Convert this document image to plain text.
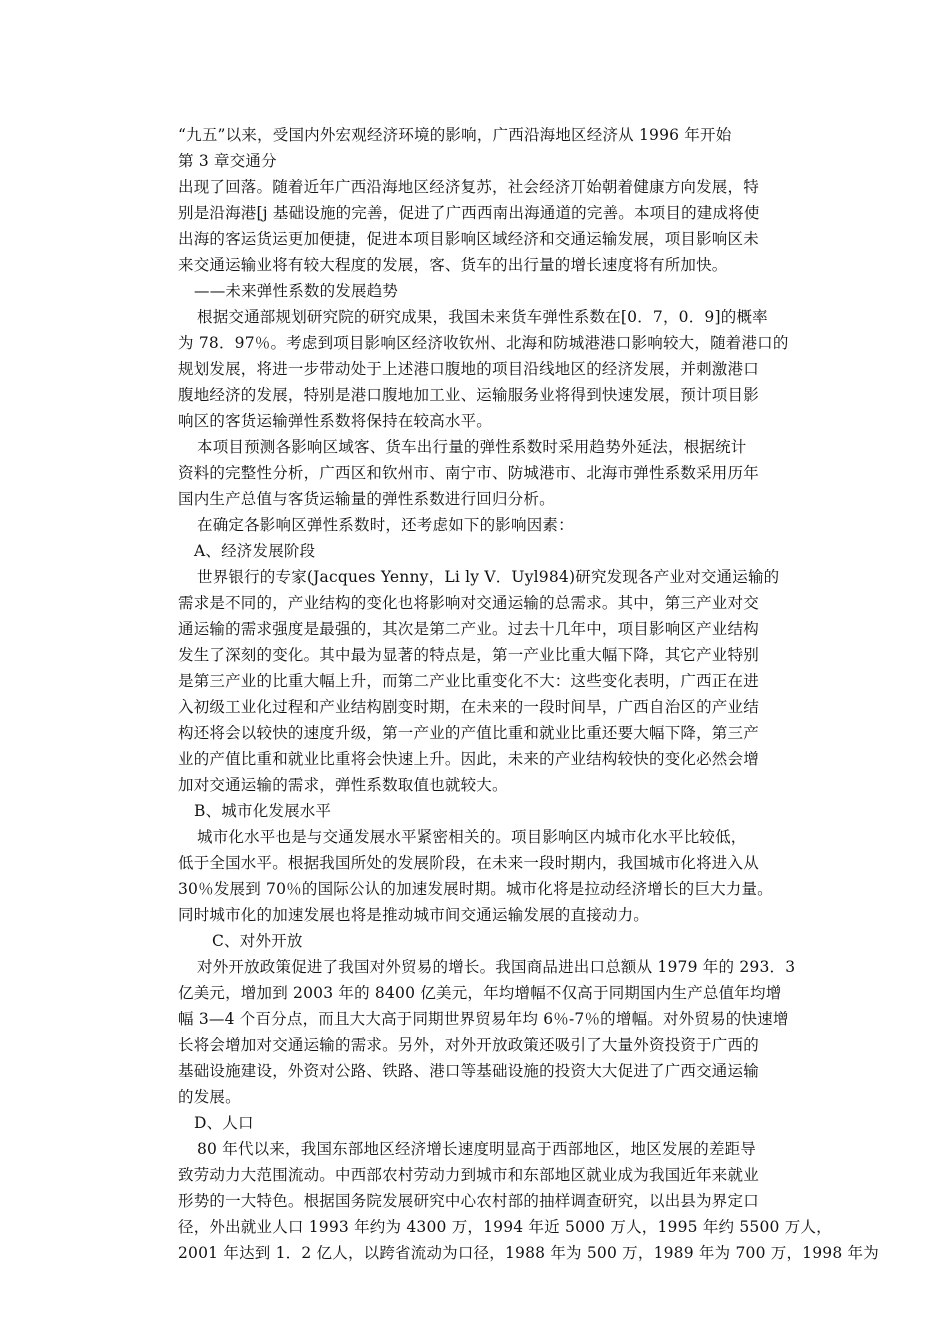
“九五”以来，受国内外宏观经济环境的影响，广西沿海地区经济从 1996 年开始
第 3 章交通分
出现了回落。随着近年广西沿海地区经济复苏，社会经济丌始朝着健康方向发展，特
别是沿海港[j 基础设施的完善，促进了广西西南出海通道的完善。本项目的建成将使
出海的客运货运更加便捷，促进本项目影响区域经济和交通运输发展，项目影响区未
来交通运输业将有较大程度的发展，客、货车的出行量的增长速度将有所加快。
——未来弹性系数的发展趋势
根据交通部规划研究院的研究成果，我国未来货车弹性系数在[0．7，0．9]的概率
为 78．97％。考虑到项目影响区经济收钦州、北海和防城港港口影响较大，随着港口的
规划发展，将进一步带动处于上述港口腹地的项目沿线地区的经济发展，并刺激港口
腹地经济的发展，特别是港口腹地加工业、运输服务业将得到快速发展，预计项目影
响区的客货运输弹性系数将保持在较高水平。
本项目预测各影响区域客、货车出行量的弹性系数时采用趋势外延法，根据统计
资料的完整性分析，广西区和钦州市、南宁市、防城港市、北海市弹性系数采用历年
国内生产总值与客货运输量的弹性系数进行回归分析。
在确定各影响区弹性系数时，还考虑如下的影响因素：
A、经济发展阶段
世界银行的专家(Jacques Yenny，Li ly V．Uyl984)研究发现各产业对交通运输的
需求是不同的，产业结构的变化也将影响对交通运输的总需求。其中，第三产业对交
通运输的需求强度是最强的，其次是第二产业。过去十几年中，项目影响区产业结构
发生了深刻的变化。其中最为显著的特点是，第一产业比重大幅下降，其它产业特别
是第三产业的比重大幅上升，而第二产业比重变化不大：这些变化表明，广西正在进
入初级工业化过程和产业结构剧变时期，在未来的一段时间旱，广西自治区的产业结
构还将会以较快的速度升级，第一产业的产值比重和就业比重还要大幅下降，第三产
业的产值比重和就业比重将会快速上升。因此，未来的产业结构较快的变化必然会增
加对交通运输的需求，弹性系数取值也就较大。
B、城市化发展水平
城市化水平也是与交通发展水平紧密相关的。项目影响区内城市化水平比较低，
低于全国水平。根据我国所处的发展阶段，在未来一段时期内，我国城市化将进入从
30％发展到 70％的国际公认的加速发展时期。城市化将是拉动经济增长的巨大力量。
同时城市化的加速发展也将是推动城市间交通运输发展的直接动力。
C、对外开放
对外开放政策促进了我国对外贸易的增长。我国商品进出口总额从 1979 年的 293．3
亿美元，增加到 2003 年的 8400 亿美元，年均增幅不仅高于同期国内生产总值年均增
幅 3—4 个百分点，而且大大高于同期世界贸易年均 6％-7％的增幅。对外贸易的快速增
长将会增加对交通运输的需求。另外，对外开放政策还吸引了大量外资投资于广西的
基础设施建设，外资对公路、铁路、港口等基础设施的投资大大促进了广西交通运输
的发展。
D、人口
80 年代以来，我国东部地区经济增长速度明显高于西部地区，地区发展的差距导
致劳动力大范围流动。中西部农村劳动力到城市和东部地区就业成为我国近年来就业
形势的一大特色。根据国务院发展研究中心农村部的抽样调查研究，以出县为界定口
径，外出就业人口 1993 年约为 4300 万，1994 年近 5000 万人，1995 年约 5500 万人，
2001 年达到 1．2 亿人，以跨省流动为口径，1988 年为 500 万，1989 年为 700 万，1998 年为
